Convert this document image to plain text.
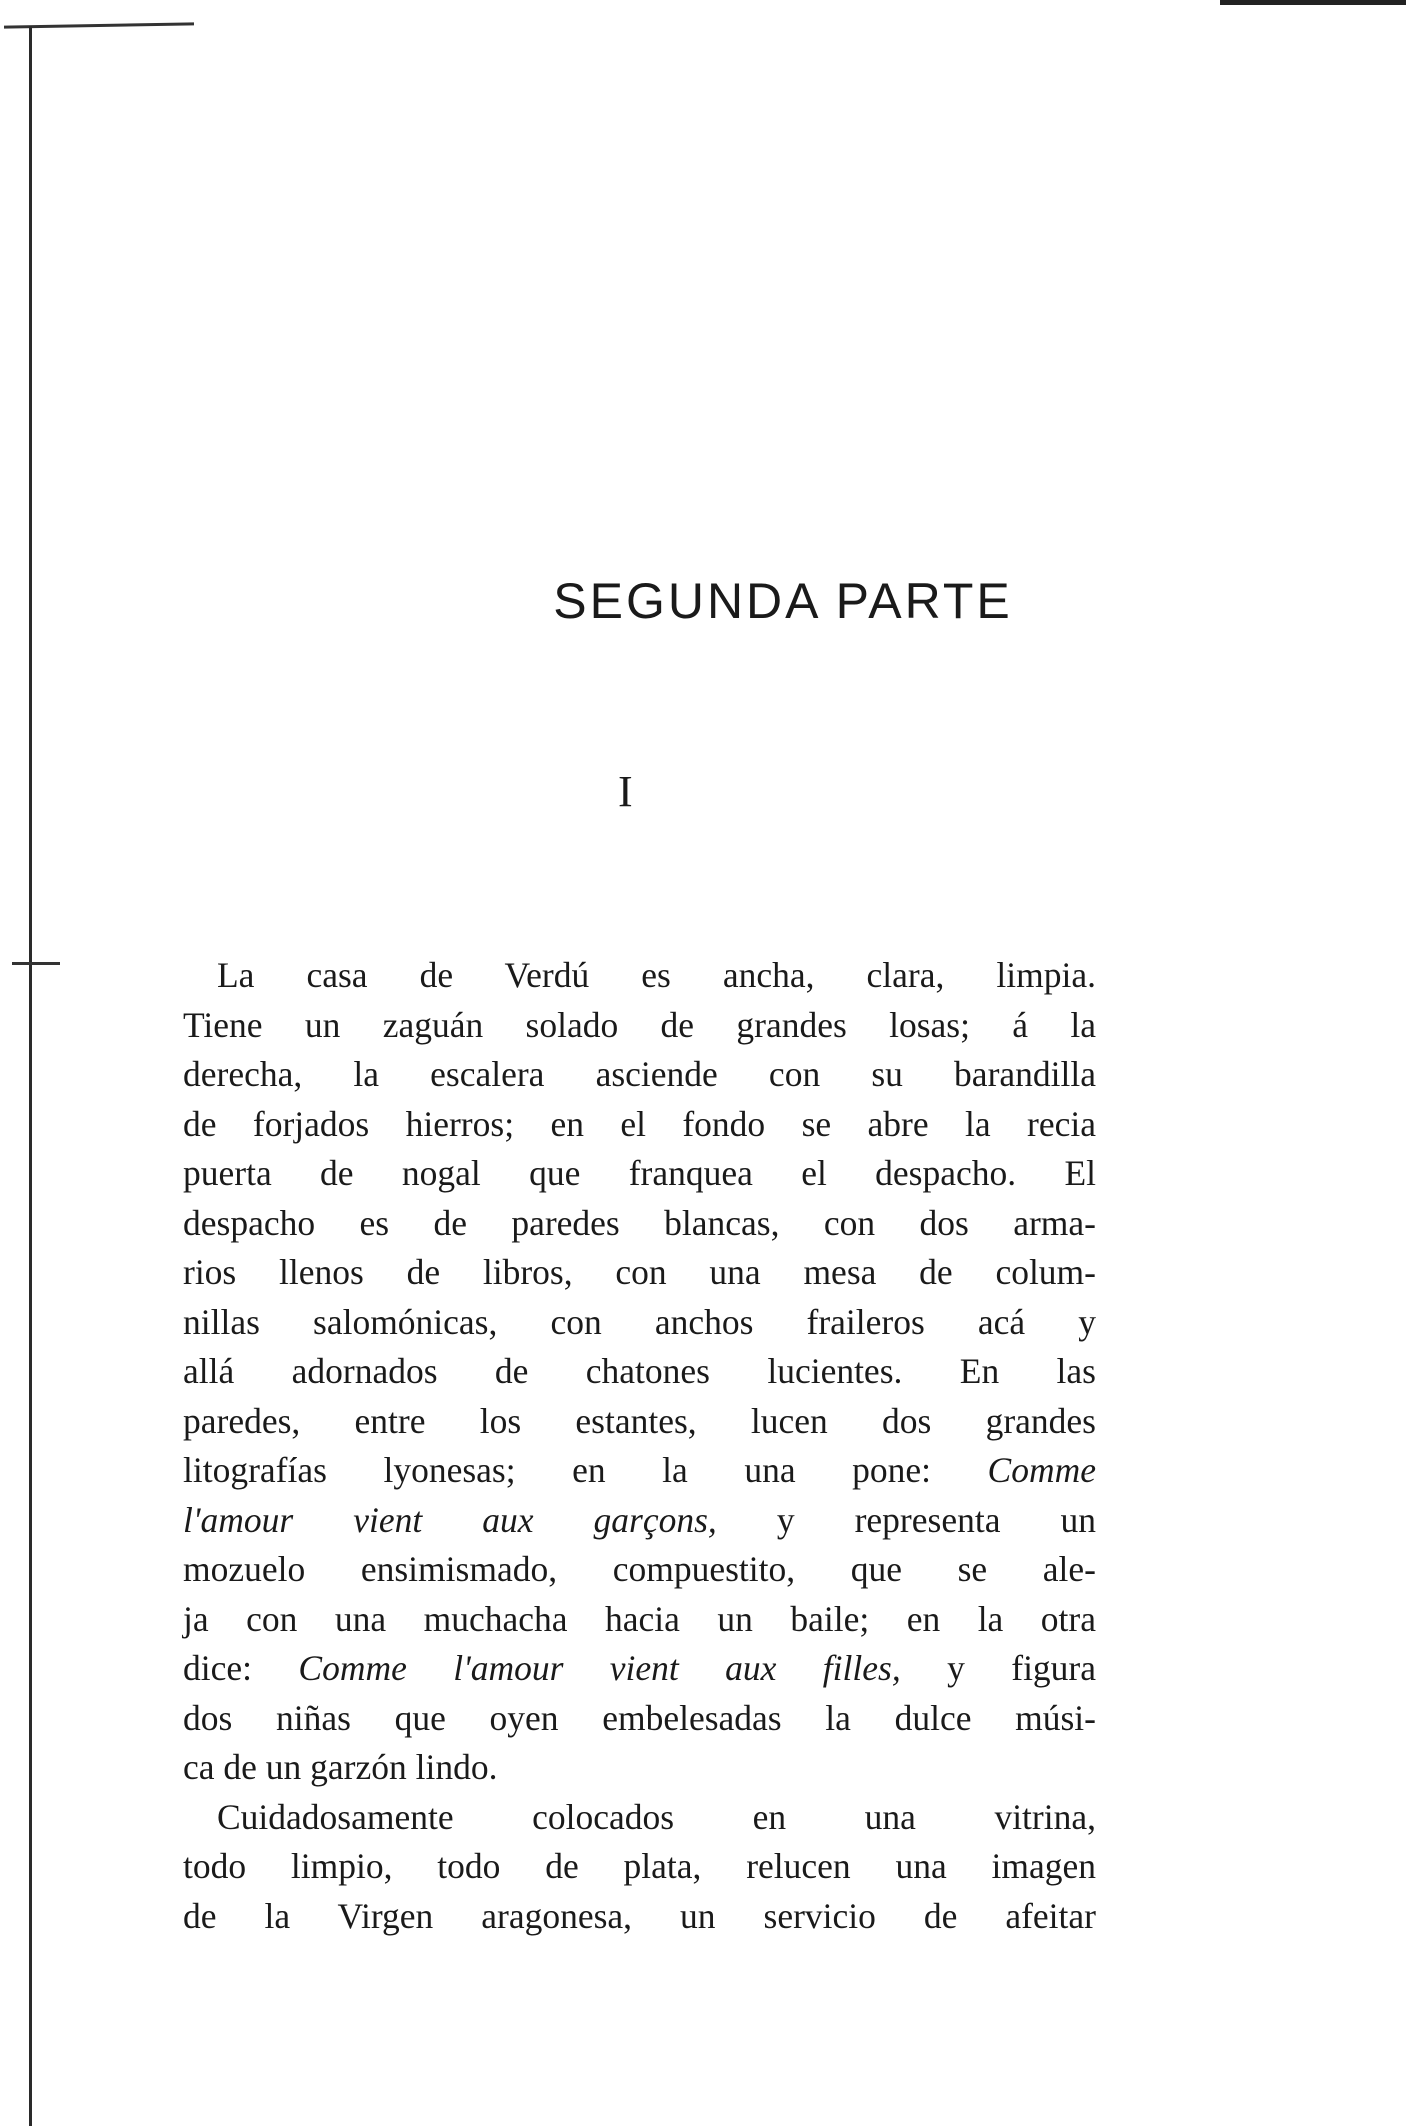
SEGUNDA PARTE
I
La casa de Verdú es ancha, clara, limpia.
Tiene un zaguán solado de grandes losas; á la
derecha, la escalera asciende con su barandilla
de forjados hierros; en el fondo se abre la recia
puerta de nogal que franquea el despacho. El
despacho es de paredes blancas, con dos arma-
rios llenos de libros, con una mesa de colum-
nillas salomónicas, con anchos fraileros acá y
allá adornados de chatones lucientes. En las
paredes, entre los estantes, lucen dos grandes
litografías lyonesas; en la una pone: Comme
l'amour vient aux garçons, y representa un
mozuelo ensimismado, compuestito, que se ale-
ja con una muchacha hacia un baile; en la otra
dice: Comme l'amour vient aux filles, y figura
dos niñas que oyen embelesadas la dulce músi-
ca de un garzón lindo.
Cuidadosamente colocados en una vitrina,
todo limpio, todo de plata, relucen una imagen
de la Virgen aragonesa, un servicio de afeitar
